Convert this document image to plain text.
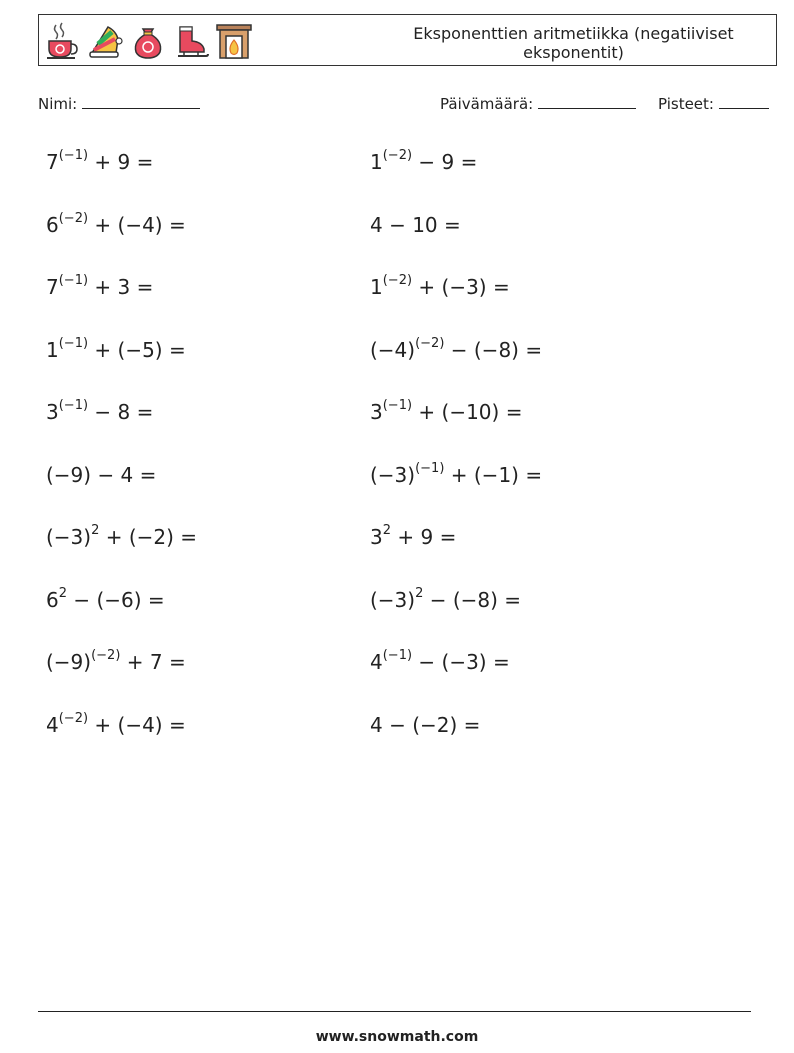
Eksponenttien aritmetiikka (negatiiviset eksponentit)
Nimi:	Päivämäärä:	Pisteet:
$7^{(-1)} + 9$ =
$6^{(-2)} + (-4)$ =
$7^{(-1)} + 3$ =
$1^{(-1)} + (-5)$ =
$3^{(-1)} - 8$ =
(−9) − 4 =
$(-3)^2 + (-2)$ =
$6^2 - (-6)$ =
$(-9)^{(-2)} + 7$ =
$4^{(-2)} + (-4)$ =
$1^{(-2)} - 9$ =
4 − 10 =
$1^{(-2)} + (-3)$ =
$(-4)^{(-2)} - (-8)$ =
$3^{(-1)} + (-10)$ =
$(-3)^{(-1)} + (-1)$ =
$3^2 + 9$ =
$(-3)^2 - (-8)$ =
$4^{(-1)} - (-3)$ =
4 − (−2) =
www.snowmath.com
